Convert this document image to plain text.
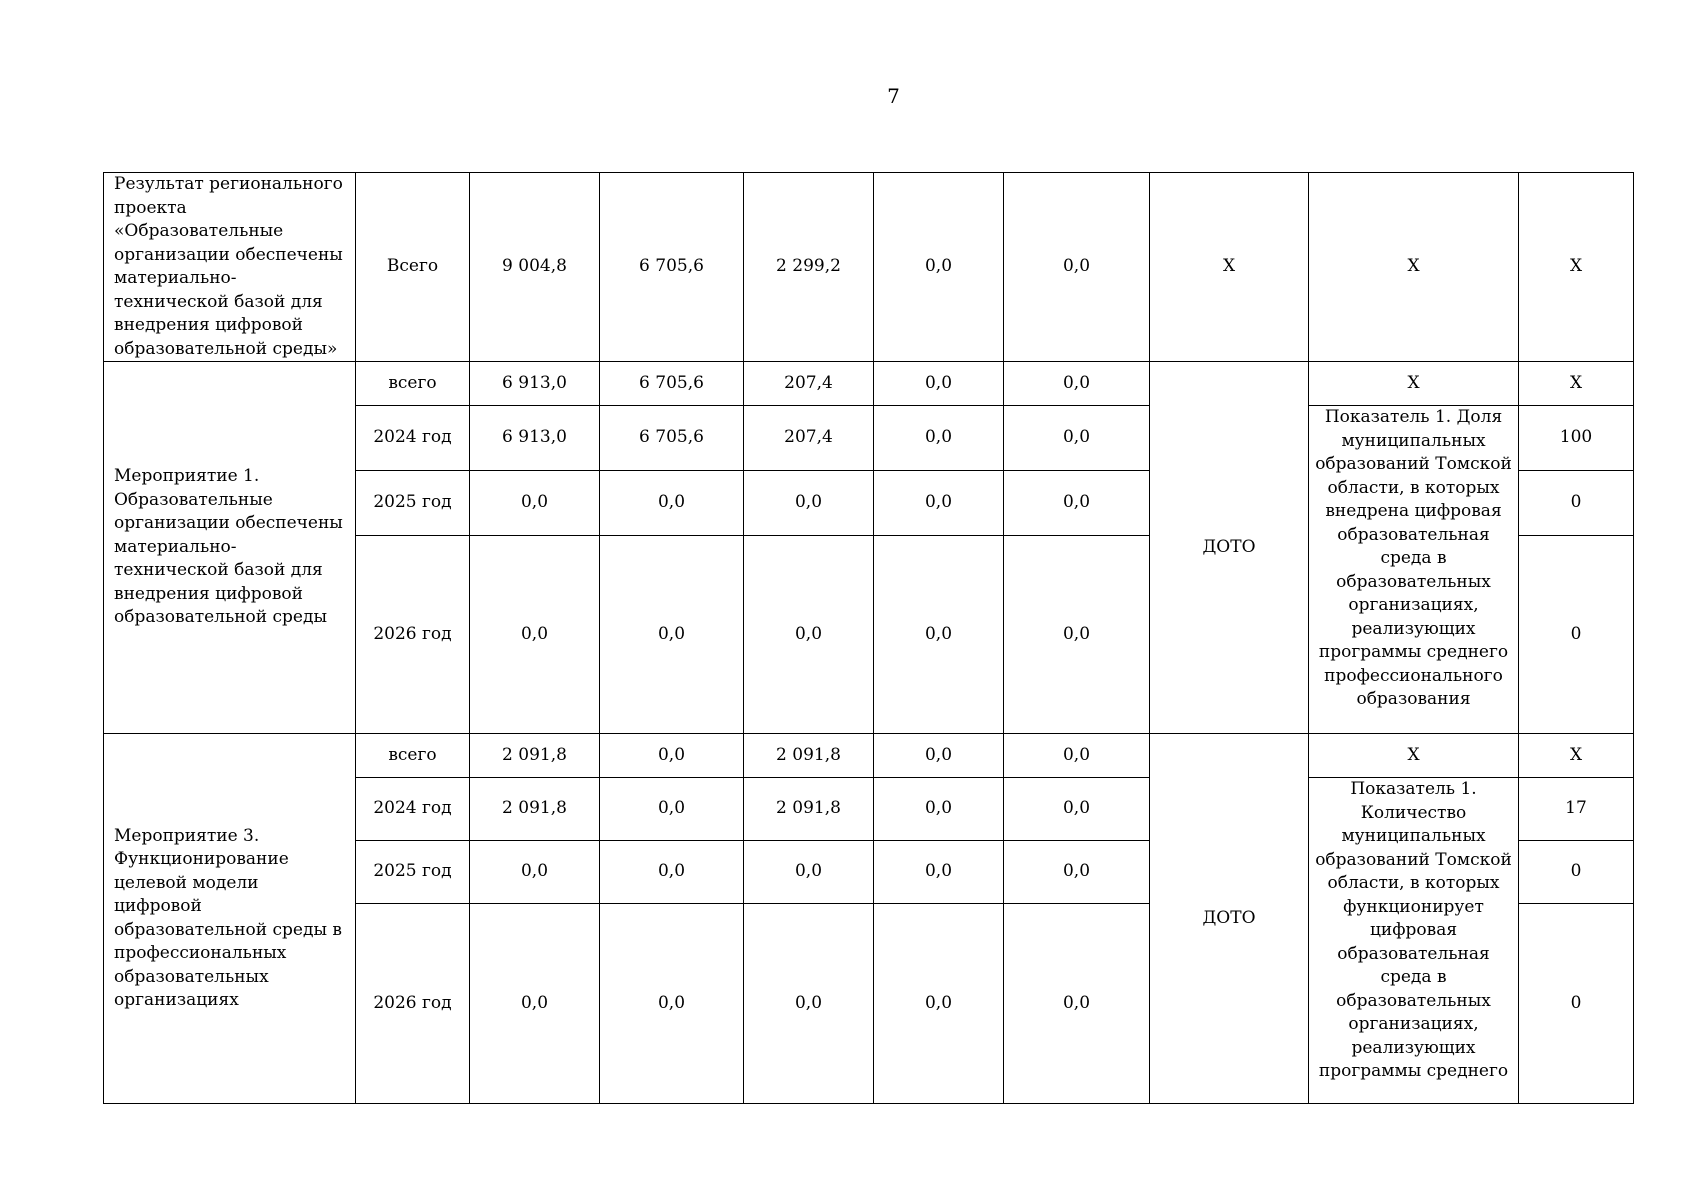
7
Результат регионального проекта «Образовательные организации обеспечены материально-технической базой для внедрения цифровой образовательной среды»	Всего	9 004,8	6 705,6	2 299,2	0,0	0,0	X	X	X
Мероприятие 1. Образовательные организации обеспечены материально-технической базой для внедрения цифровой образовательной среды	всего	6 913,0	6 705,6	207,4	0,0	0,0	ДОТО	X	X
	2024 год	6 913,0	6 705,6	207,4	0,0	0,0		Показатель 1. Доля муниципальных образований Томской области, в которых внедрена цифровая образовательная среда в образовательных организациях, реализующих программы среднего профессионального образования	100
	2025 год	0,0	0,0	0,0	0,0	0,0			0
	2026 год	0,0	0,0	0,0	0,0	0,0			0
Мероприятие 3. Функционирование целевой модели цифровой образовательной среды в профессиональных образовательных организациях	всего	2 091,8	0,0	2 091,8	0,0	0,0	ДОТО	X	X
	2024 год	2 091,8	0,0	2 091,8	0,0	0,0		Показатель 1. Количество муниципальных образований Томской области, в которых функционирует цифровая образовательная среда в образовательных организациях, реализующих программы среднего	17
	2025 год	0,0	0,0	0,0	0,0	0,0			0
	2026 год	0,0	0,0	0,0	0,0	0,0			0
